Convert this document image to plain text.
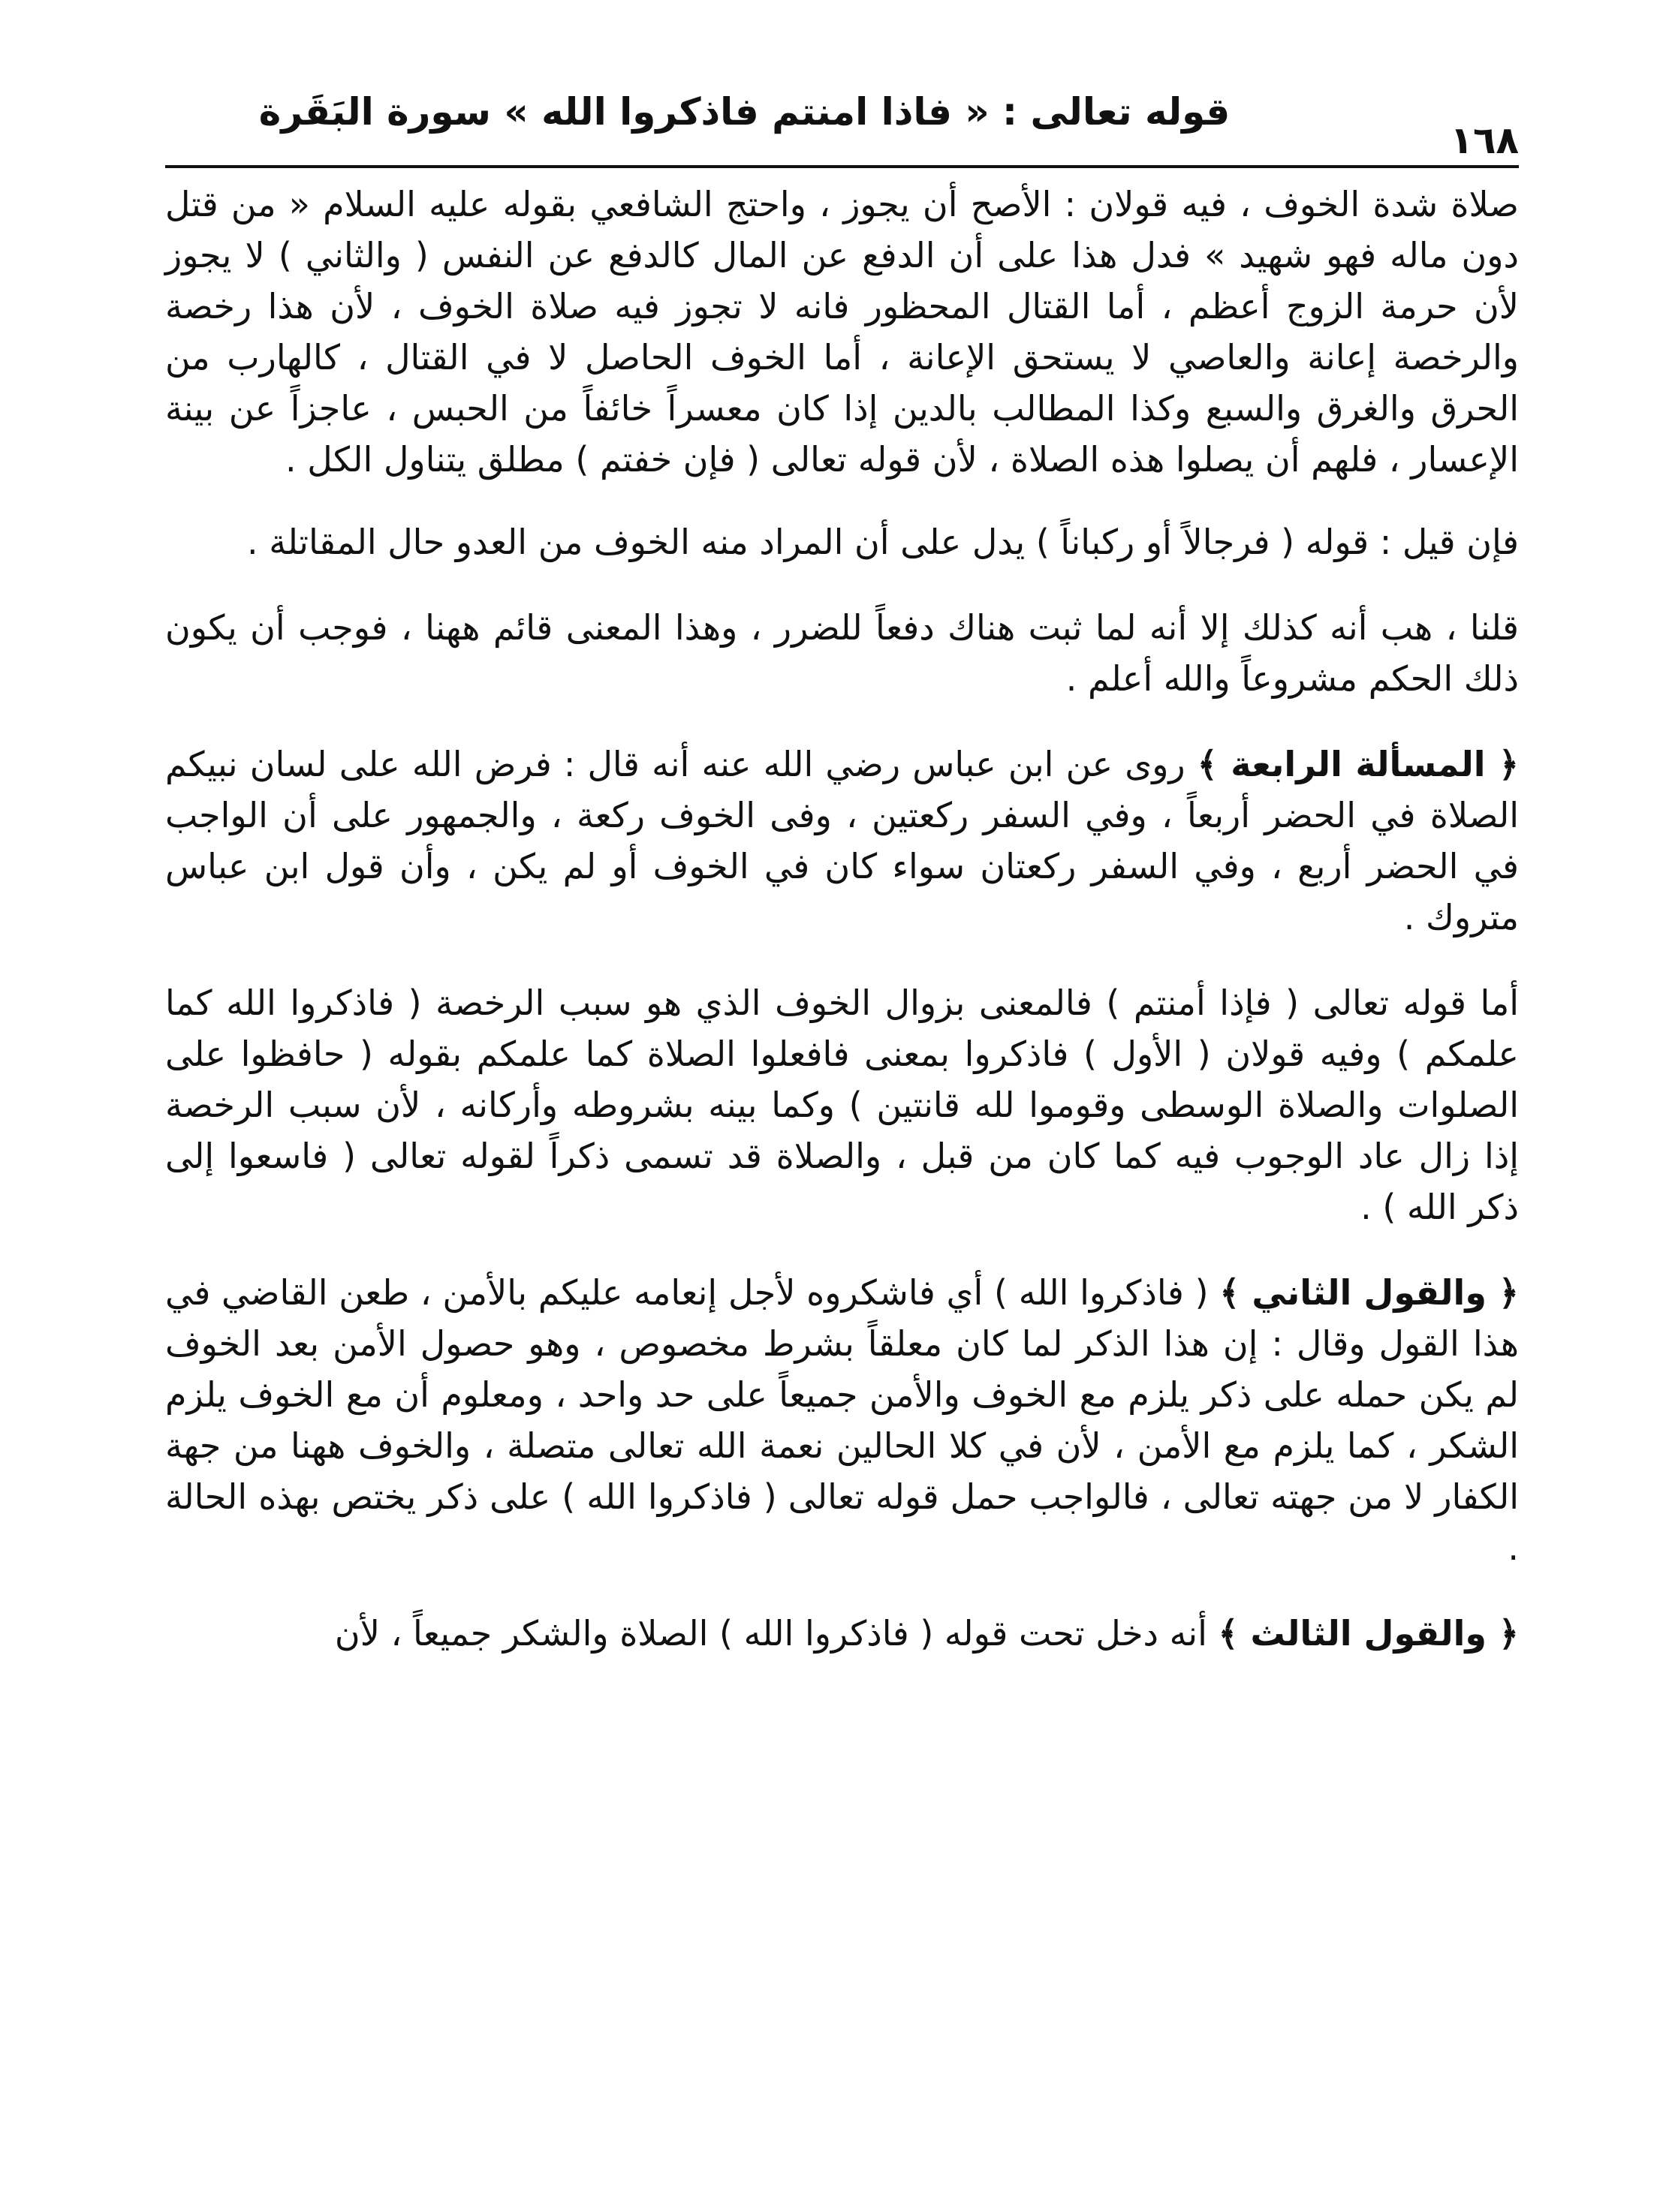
١٦٨
قوله تعالى : « فاذا امنتم فاذكروا الله » سورة البَقَرة

صلاة شدة الخوف ، فيه قولان : الأصح أن يجوز ، واحتج الشافعي بقوله عليه السلام « من قتل دون ماله فهو شهيد » فدل هذا على أن الدفع عن المال كالدفع عن النفس ( والثاني ) لا يجوز لأن حرمة الزوج أعظم ، أما القتال المحظور فانه لا تجوز فيه صلاة الخوف ، لأن هذا رخصة والرخصة إعانة والعاصي لا يستحق الإعانة ، أما الخوف الحاصل لا في القتال ، كالهارب من الحرق والغرق والسبع وكذا المطالب بالدين إذا كان معسراً خائفاً من الحبس ، عاجزاً عن بينة الإعسار ، فلهم أن يصلوا هذه الصلاة ، لأن قوله تعالى ( فإن خفتم ) مطلق يتناول الكل .

فإن قيل : قوله ( فرجالاً أو ركباناً ) يدل على أن المراد منه الخوف من العدو حال المقاتلة .

قلنا ، هب أنه كذلك إلا أنه لما ثبت هناك دفعاً للضرر ، وهذا المعنى قائم ههنا ، فوجب أن يكون ذلك الحكم مشروعاً والله أعلم .

﴿ المسألة الرابعة ﴾ روى عن ابن عباس رضي الله عنه أنه قال : فرض الله على لسان نبيكم الصلاة في الحضر أربعاً ، وفي السفر ركعتين ، وفى الخوف ركعة ، والجمهور على أن الواجب في الحضر أربع ، وفي السفر ركعتان سواء كان في الخوف أو لم يكن ، وأن قول ابن عباس متروك .

أما قوله تعالى ( فإذا أمنتم ) فالمعنى بزوال الخوف الذي هو سبب الرخصة ( فاذكروا الله كما علمكم ) وفيه قولان ( الأول ) فاذكروا بمعنى فافعلوا الصلاة كما علمكم بقوله ( حافظوا على الصلوات والصلاة الوسطى وقوموا لله قانتين ) وكما بينه بشروطه وأركانه ، لأن سبب الرخصة إذا زال عاد الوجوب فيه كما كان من قبل ، والصلاة قد تسمى ذكراً لقوله تعالى ( فاسعوا إلى ذكر الله ) .

﴿ والقول الثاني ﴾ ( فاذكروا الله ) أي فاشكروه لأجل إنعامه عليكم بالأمن ، طعن القاضي في هذا القول وقال : إن هذا الذكر لما كان معلقاً بشرط مخصوص ، وهو حصول الأمن بعد الخوف لم يكن حمله على ذكر يلزم مع الخوف والأمن جميعاً على حد واحد ، ومعلوم أن مع الخوف يلزم الشكر ، كما يلزم مع الأمن ، لأن في كلا الحالين نعمة الله تعالى متصلة ، والخوف ههنا من جهة الكفار لا من جهته تعالى ، فالواجب حمل قوله تعالى ( فاذكروا الله ) على ذكر يختص بهذه الحالة .

﴿ والقول الثالث ﴾ أنه دخل تحت قوله ( فاذكروا الله ) الصلاة والشكر جميعاً ، لأن
